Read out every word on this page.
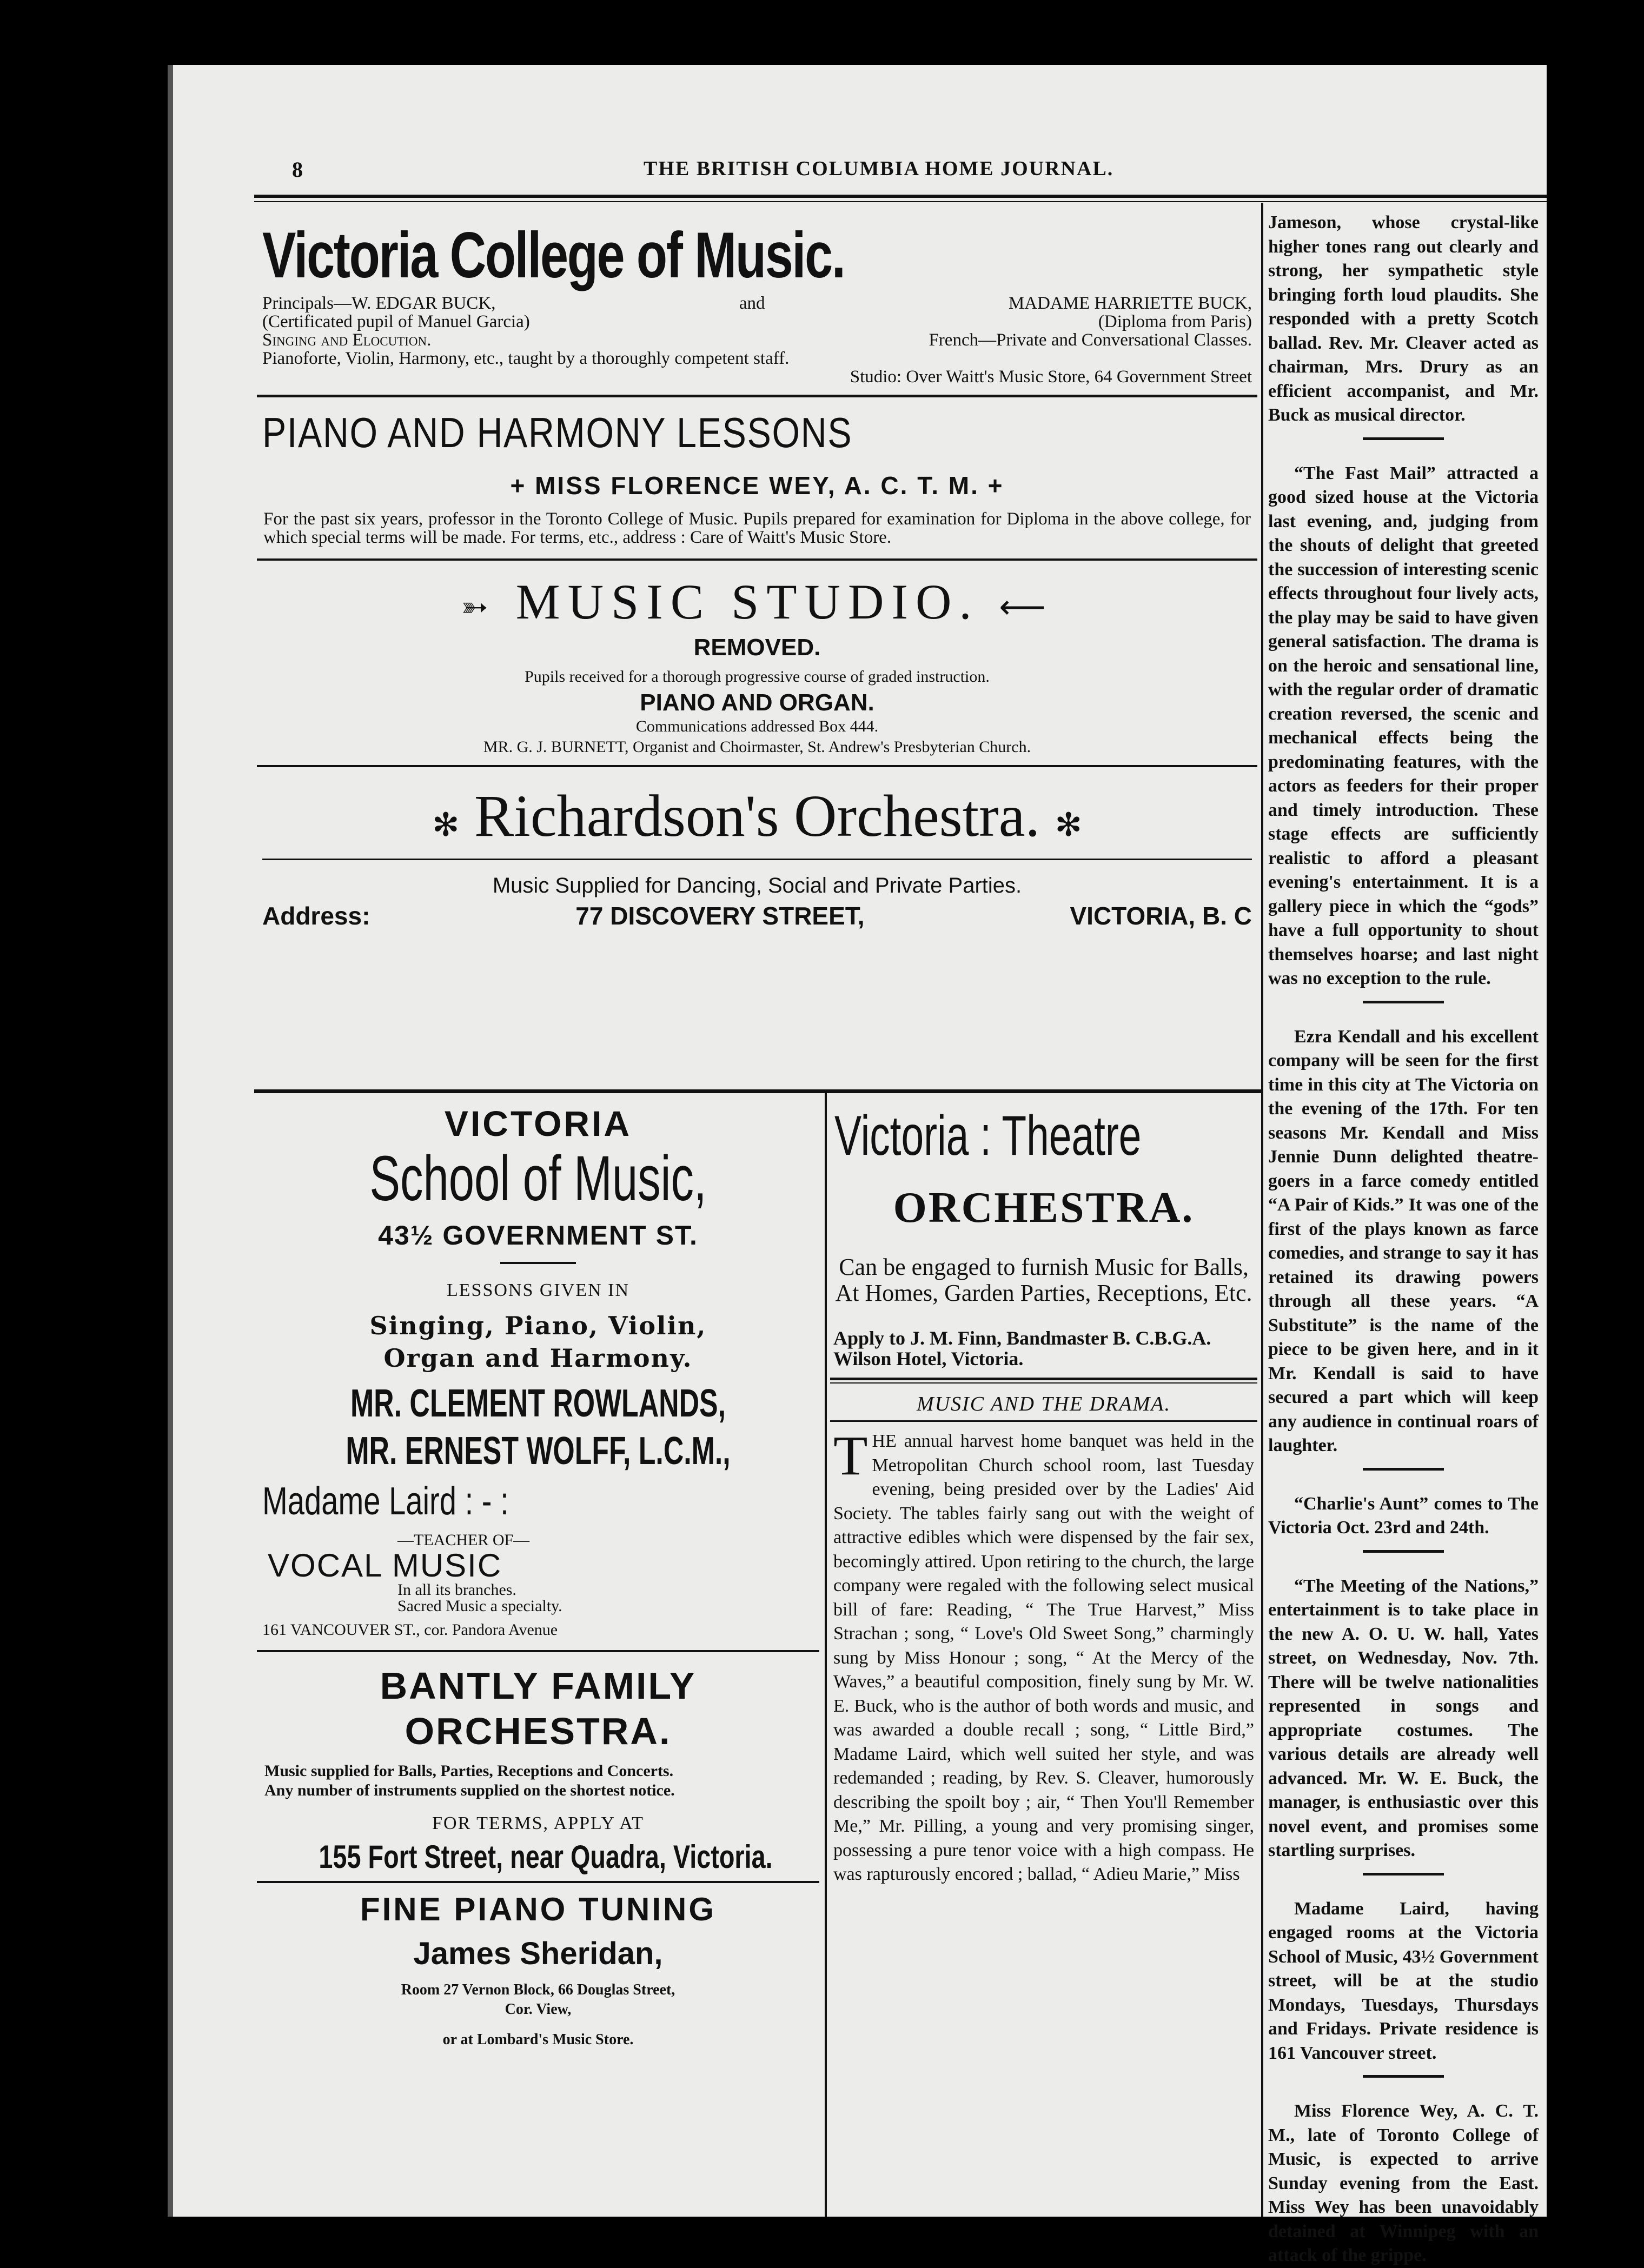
8	THE BRITISH COLUMBIA HOME JOURNAL.
Victoria College of Music.
Principals—W. EDGAR BUCK,	and	MADAME HARRIETTE BUCK,
(Certificated pupil of Manuel Garcia)	(Diploma from Paris)
Singing and Elocution.	French—Private and Conversational Classes.
Pianoforte, Violin, Harmony, etc., taught by a thoroughly competent staff.
Studio: Over Waitt's Music Store, 64 Government Street
PIANO AND HARMONY LESSONS
+ MISS FLORENCE WEY, A. C. T. M. +
For the past six years, professor in the Toronto College of Music. Pupils prepared for examination for Diploma in the above college, for which special terms will be made. For terms, etc., address : Care of Waitt's Music Store.
➳ MUSIC STUDIO. ⟵
REMOVED.
Pupils received for a thorough progressive course of graded instruction.
PIANO AND ORGAN.
Communications addressed Box 444.
MR. G. J. BURNETT, Organist and Choirmaster, St. Andrew's Presbyterian Church.
✻ Richardson's Orchestra. ✻
Music Supplied for Dancing, Social and Private Parties.
Address:	77 DISCOVERY STREET,	VICTORIA, B. C
VICTORIA
School of Music,
43½ GOVERNMENT ST.
LESSONS GIVEN IN
Singing, Piano, Violin,
Organ and Harmony.
MR. CLEMENT ROWLANDS,
MR. ERNEST WOLFF, L.C.M.,
Madame Laird : - :
—TEACHER OF—
VOCAL MUSIC
In all its branches.
Sacred Music a specialty.
161 VANCOUVER ST., cor. Pandora Avenue
BANTLY FAMILY
ORCHESTRA.
Music supplied for Balls, Parties, Receptions and Concerts.
Any number of instruments supplied on the shortest notice.
FOR TERMS, APPLY AT
155 Fort Street, near Quadra, Victoria.
FINE PIANO TUNING
James Sheridan,
Room 27 Vernon Block, 66 Douglas Street,
Cor. View,
or at Lombard's Music Store.
Victoria : Theatre
ORCHESTRA.
Can be engaged to furnish Music for Balls, At Homes, Garden Parties, Receptions, Etc.
Apply to J. M. Finn, Bandmaster B. C.B.G.A. Wilson Hotel, Victoria.
MUSIC AND THE DRAMA.
THE annual harvest home banquet was held in the Metropolitan Church school room, last Tuesday evening, being presided over by the Ladies' Aid Society. The tables fairly sang out with the weight of attractive edibles which were dispensed by the fair sex, becomingly attired. Upon retiring to the church, the large company were regaled with the following select musical bill of fare: Reading, “ The True Harvest,” Miss Strachan ; song, “ Love's Old Sweet Song,” charmingly sung by Miss Honour ; song, “ At the Mercy of the Waves,” a beautiful composition, finely sung by Mr. W. E. Buck, who is the author of both words and music, and was awarded a double recall ; song, “ Little Bird,” Madame Laird, which well suited her style, and was redemanded ; reading, by Rev. S. Cleaver, humorously describing the spoilt boy ; air, “ Then You'll Remember Me,” Mr. Pilling, a young and very promising singer, possessing a pure tenor voice with a high compass. He was rapturously encored ; ballad, “ Adieu Marie,” Miss
Jameson, whose crystal-like higher tones rang out clearly and strong, her sympathetic style bringing forth loud plaudits. She responded with a pretty Scotch ballad. Rev. Mr. Cleaver acted as chairman, Mrs. Drury as an efficient accompanist, and Mr. Buck as musical director.
“The Fast Mail” attracted a good sized house at the Victoria last evening, and, judging from the shouts of delight that greeted the succession of interesting scenic effects throughout four lively acts, the play may be said to have given general satisfaction. The drama is on the heroic and sensational line, with the regular order of dramatic creation reversed, the scenic and mechanical effects being the predominating features, with the actors as feeders for their proper and timely introduction. These stage effects are sufficiently realistic to afford a pleasant evening's entertainment. It is a gallery piece in which the “gods” have a full opportunity to shout themselves hoarse; and last night was no exception to the rule.
Ezra Kendall and his excellent company will be seen for the first time in this city at The Victoria on the evening of the 17th. For ten seasons Mr. Kendall and Miss Jennie Dunn delighted theatre-goers in a farce comedy entitled “A Pair of Kids.” It was one of the first of the plays known as farce comedies, and strange to say it has retained its drawing powers through all these years. “A Substitute” is the name of the piece to be given here, and in it Mr. Kendall is said to have secured a part which will keep any audience in continual roars of laughter.
“Charlie's Aunt” comes to The Victoria Oct. 23rd and 24th.
“The Meeting of the Nations,” entertainment is to take place in the new A. O. U. W. hall, Yates street, on Wednesday, Nov. 7th. There will be twelve nationalities represented in songs and appropriate costumes. The various details are already well advanced. Mr. W. E. Buck, the manager, is enthusiastic over this novel event, and promises some startling surprises.
Madame Laird, having engaged rooms at the Victoria School of Music, 43½ Government street, will be at the studio Mondays, Tuesdays, Thursdays and Fridays. Private residence is 161 Vancouver street.
Miss Florence Wey, A. C. T. M., late of Toronto College of Music, is expected to arrive Sunday evening from the East. Miss Wey has been unavoidably detained at Winnipeg with an attack of the grippe.
